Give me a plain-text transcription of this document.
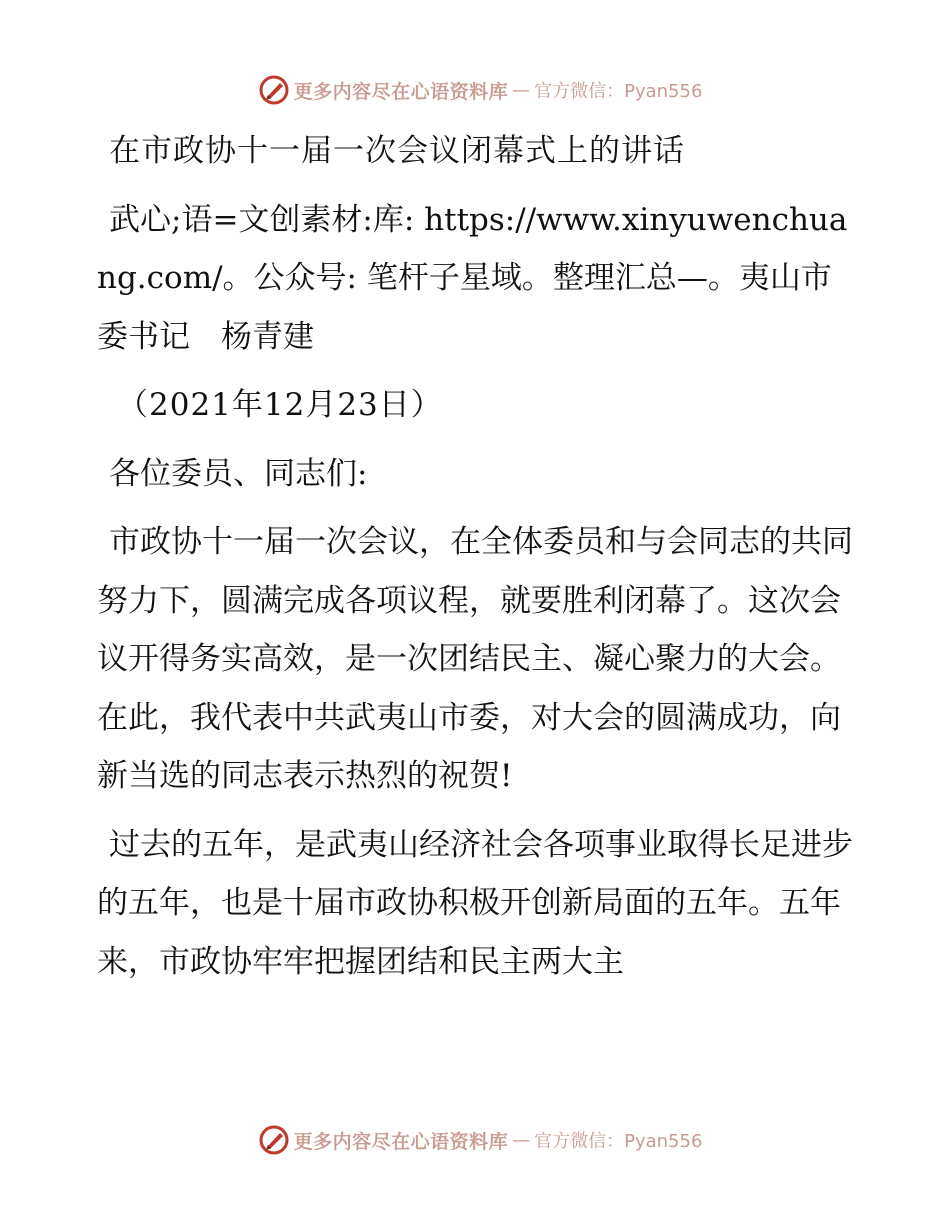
更多内容尽在心语资料库 — 官方微信：Pyan556

在市政协十一届一次会议闭幕式上的讲话

武心;语=文创素材:库: https://www.xinyuwenchuang.com/。公众号: 笔杆子星域。整理汇总—。夷山市委书记　杨青建

（2021年12月23日）

各位委员、同志们:

市政协十一届一次会议，在全体委员和与会同志的共同努力下，圆满完成各项议程，就要胜利闭幕了。这次会议开得务实高效，是一次团结民主、凝心聚力的大会。在此，我代表中共武夷山市委，对大会的圆满成功，向新当选的同志表示热烈的祝贺!

过去的五年，是武夷山经济社会各项事业取得长足进步的五年，也是十届市政协积极开创新局面的五年。五年来，市政协牢牢把握团结和民主两大主

更多内容尽在心语资料库 — 官方微信：Pyan556
